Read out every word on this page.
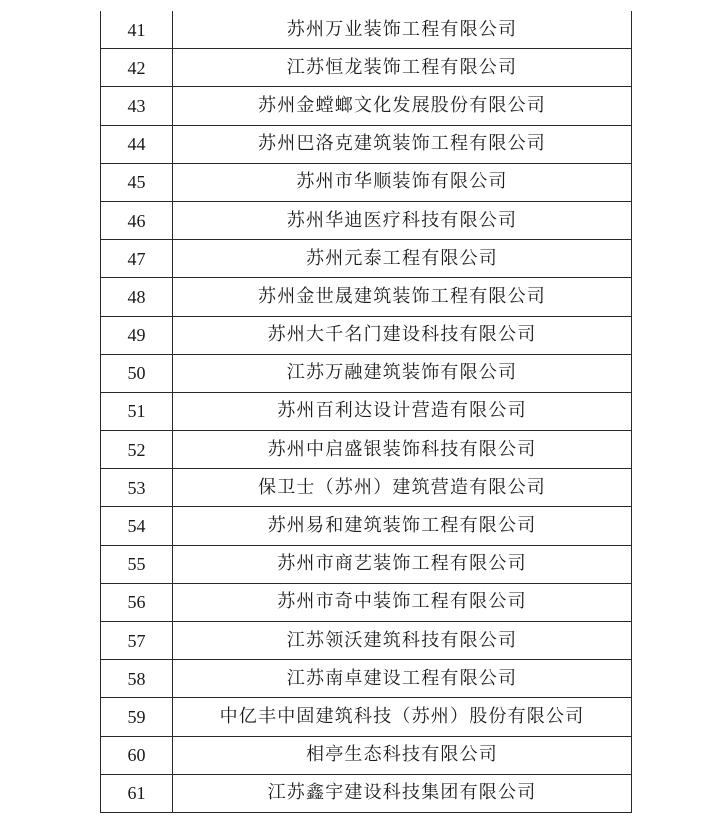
41	苏州万业装饰工程有限公司
42	江苏恒龙装饰工程有限公司
43	苏州金螳螂文化发展股份有限公司
44	苏州巴洛克建筑装饰工程有限公司
45	苏州市华顺装饰有限公司
46	苏州华迪医疗科技有限公司
47	苏州元泰工程有限公司
48	苏州金世晟建筑装饰工程有限公司
49	苏州大千名门建设科技有限公司
50	江苏万融建筑装饰有限公司
51	苏州百利达设计营造有限公司
52	苏州中启盛银装饰科技有限公司
53	保卫士（苏州）建筑营造有限公司
54	苏州易和建筑装饰工程有限公司
55	苏州市商艺装饰工程有限公司
56	苏州市奇中装饰工程有限公司
57	江苏领沃建筑科技有限公司
58	江苏南卓建设工程有限公司
59	中亿丰中固建筑科技（苏州）股份有限公司
60	相亭生态科技有限公司
61	江苏鑫宇建设科技集团有限公司
